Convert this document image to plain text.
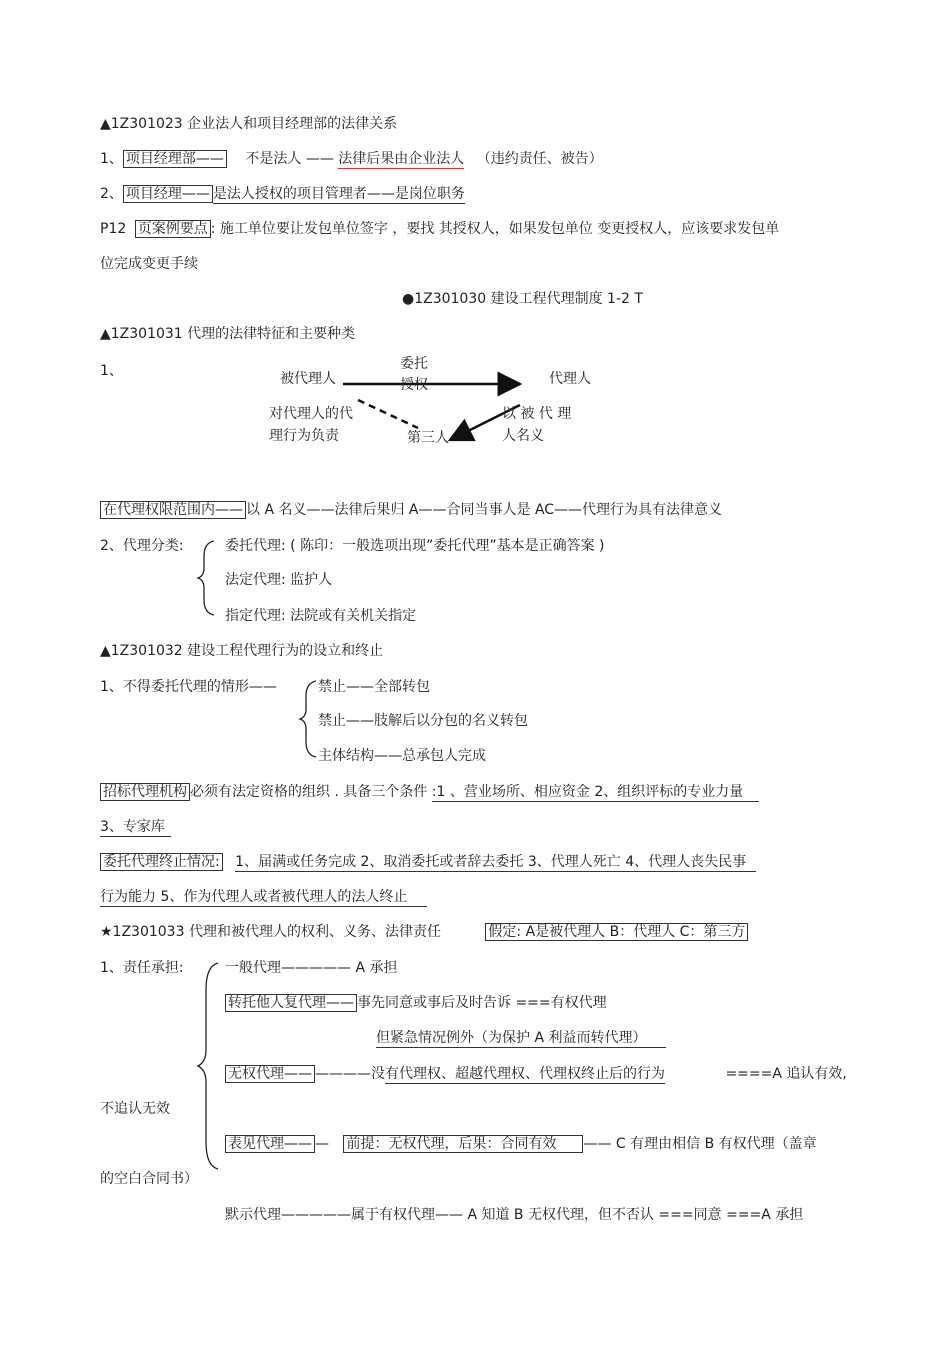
▲1Z301023 企业法人和项目经理部的法律关系
1、 项目经理部—— 不是法人 —— 法律后果由企业法人 （违约责任、被告）
2、 项目经理—— 是法人授权的项目管理者——是岗位职务
P12 页案例要点 : 施工单位要让发包单位签字 ，要找 其授权人，如果发包单位 变更授权人，应该要求发包单
位完成变更手续
●1Z301030 建设工程代理制度 1-2 T
▲1Z301031 代理的法律特征和主要种类
1、	被代理人	代理人
委托
授权
对代理人的代
理行为负责	第三人
以 被 代 理
人名义
在代理权限范围内—— 以 A 名义——法律后果归 A——合同当事人是 AC——代理行为具有法律意义
2、代理分类:	委托代理: ( 陈印：一般选项出现”委托代理”基本是正确答案 )
法定代理: 监护人
指定代理: 法院或有关机关指定
▲1Z301032 建设工程代理行为的设立和终止
1、不得委托代理的情形——	禁止——全部转包
禁止——肢解后以分包的名义转包
主体结构——总承包人完成
招标代理机构 必须有法定资格的组织 . 具备三个条件 :1 、营业场所、相应资金 2、组织评标的专业力量
3、专家库
委托代理终止情况: 1、届满或任务完成 2、取消委托或者辞去委托 3、代理人死亡 4、代理人丧失民事
行为能力 5、作为代理人或者被代理人的法人终止
★1Z301033 代理和被代理人的权利、义务、法律责任	假定: A是被代理人 B：代理人 C：第三方
1、责任承担:	一般代理————— A 承担
转托他人复代理—— 事先同意或事后及时告诉 ===有权代理
但紧急情况例外（为保护 A 利益而转代理）
无权代理—— ————没有代理权、超越代理权、代理权终止后的行为	====A 追认有效,
不追认无效
表见代理—— — 前提：无权代理，后果：合同有效 —— C 有理由相信 B 有权代理（盖章
的空白合同书）
默示代理—————属于有权代理—— A 知道 B 无权代理，但不否认 ===同意 ===A 承担
